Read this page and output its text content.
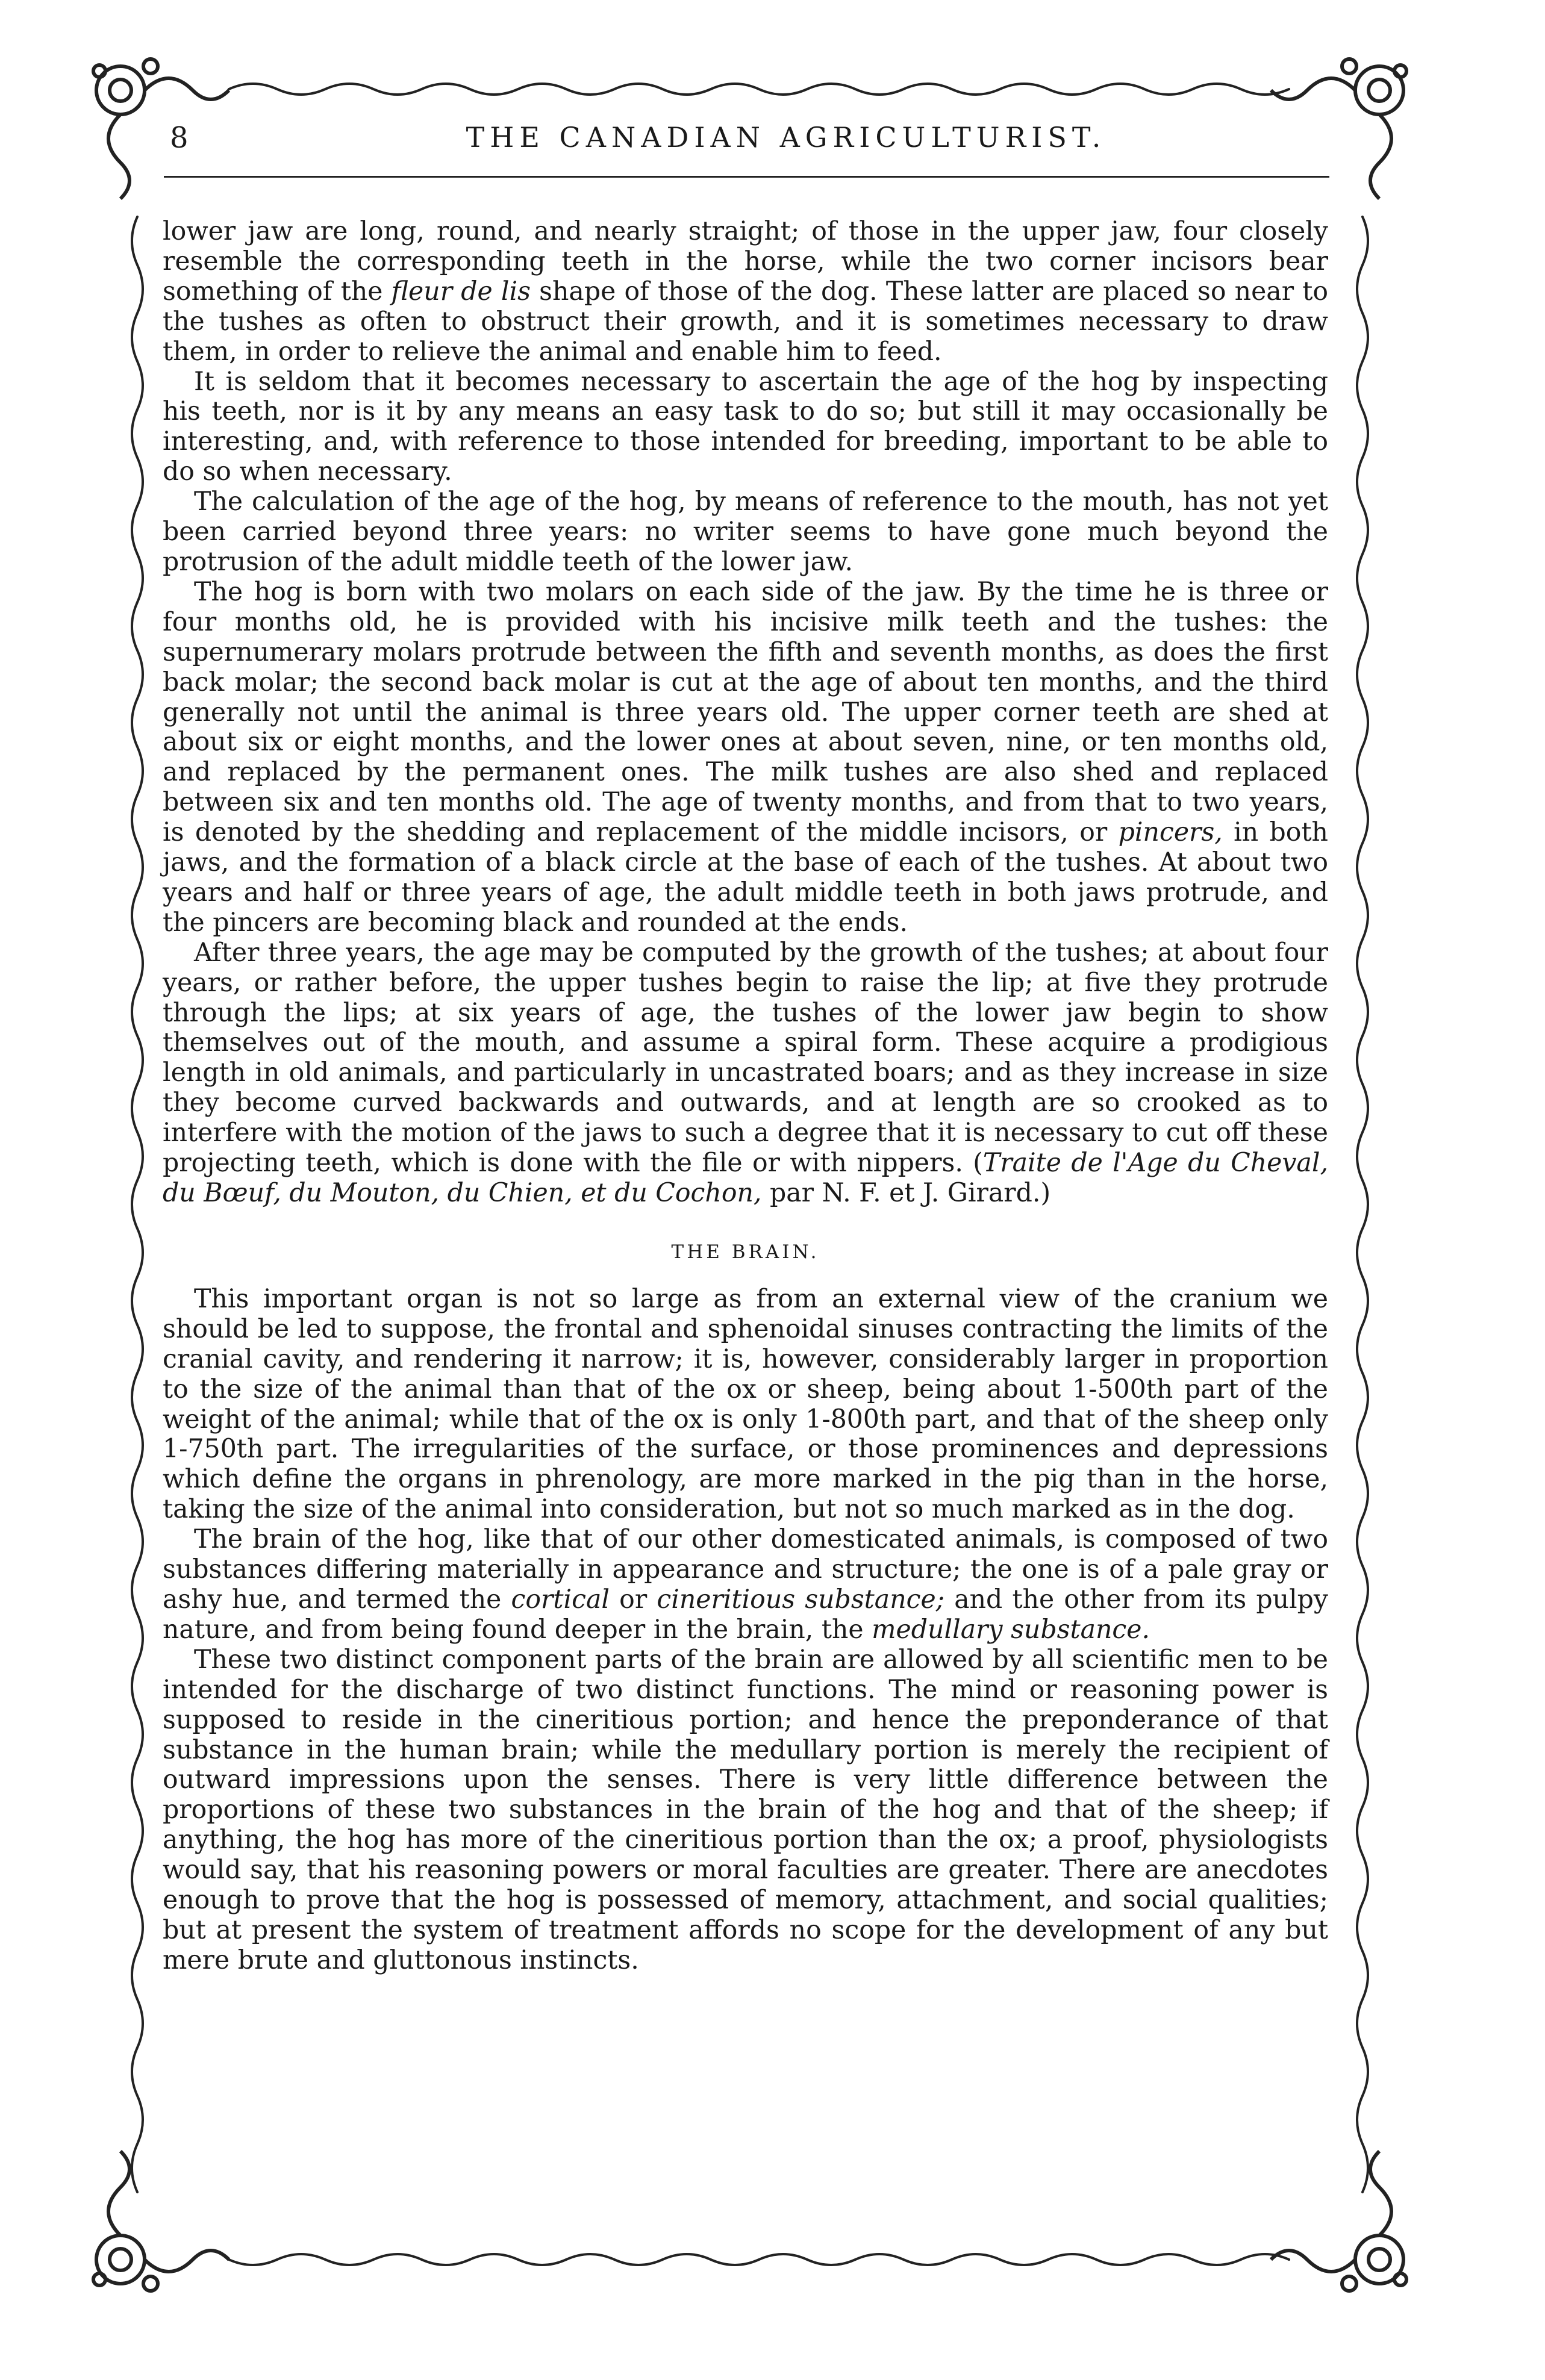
8	THE CANADIAN AGRICULTURIST.

lower jaw are long, round, and nearly straight; of those in the upper jaw, four closely resemble the corresponding teeth in the horse, while the two corner incisors bear something of the fleur de lis shape of those of the dog. These latter are placed so near to the tushes as often to obstruct their growth, and it is sometimes necessary to draw them, in order to relieve the animal and enable him to feed.

It is seldom that it becomes necessary to ascertain the age of the hog by inspecting his teeth, nor is it by any means an easy task to do so; but still it may occasionally be interesting, and, with reference to those intended for breeding, important to be able to do so when necessary.

The calculation of the age of the hog, by means of reference to the mouth, has not yet been carried beyond three years: no writer seems to have gone much beyond the protrusion of the adult middle teeth of the lower jaw.

The hog is born with two molars on each side of the jaw. By the time he is three or four months old, he is provided with his incisive milk teeth and the tushes: the supernumerary molars protrude between the fifth and seventh months, as does the first back molar; the second back molar is cut at the age of about ten months, and the third generally not until the animal is three years old. The upper corner teeth are shed at about six or eight months, and the lower ones at about seven, nine, or ten months old, and replaced by the permanent ones. The milk tushes are also shed and replaced between six and ten months old. The age of twenty months, and from that to two years, is denoted by the shedding and replacement of the middle incisors, or pincers, in both jaws, and the formation of a black circle at the base of each of the tushes. At about two years and half or three years of age, the adult middle teeth in both jaws protrude, and the pincers are becoming black and rounded at the ends.

After three years, the age may be computed by the growth of the tushes; at about four years, or rather before, the upper tushes begin to raise the lip; at five they protrude through the lips; at six years of age, the tushes of the lower jaw begin to show themselves out of the mouth, and assume a spiral form. These acquire a prodigious length in old animals, and particularly in uncastrated boars; and as they increase in size they become curved backwards and outwards, and at length are so crooked as to interfere with the motion of the jaws to such a degree that it is necessary to cut off these projecting teeth, which is done with the file or with nippers. (Traite de l'Age du Cheval, du Bœuf, du Mouton, du Chien, et du Cochon, par N. F. et J. Girard.)

THE BRAIN.

This important organ is not so large as from an external view of the cranium we should be led to suppose, the frontal and sphenoidal sinuses contracting the limits of the cranial cavity, and rendering it narrow; it is, however, considerably larger in proportion to the size of the animal than that of the ox or sheep, being about 1-500th part of the weight of the animal; while that of the ox is only 1-800th part, and that of the sheep only 1-750th part. The irregularities of the surface, or those prominences and depressions which define the organs in phrenology, are more marked in the pig than in the horse, taking the size of the animal into consideration, but not so much marked as in the dog.

The brain of the hog, like that of our other domesticated animals, is composed of two substances differing materially in appearance and structure; the one is of a pale gray or ashy hue, and termed the cortical or cineritious substance; and the other from its pulpy nature, and from being found deeper in the brain, the medullary substance.

These two distinct component parts of the brain are allowed by all scientific men to be intended for the discharge of two distinct functions. The mind or reasoning power is supposed to reside in the cineritious portion; and hence the preponderance of that substance in the human brain; while the medullary portion is merely the recipient of outward impressions upon the senses. There is very little difference between the proportions of these two substances in the brain of the hog and that of the sheep; if anything, the hog has more of the cineritious portion than the ox; a proof, physiologists would say, that his reasoning powers or moral faculties are greater. There are anecdotes enough to prove that the hog is possessed of memory, attachment, and social qualities; but at present the system of treatment affords no scope for the development of any but mere brute and gluttonous instincts.
